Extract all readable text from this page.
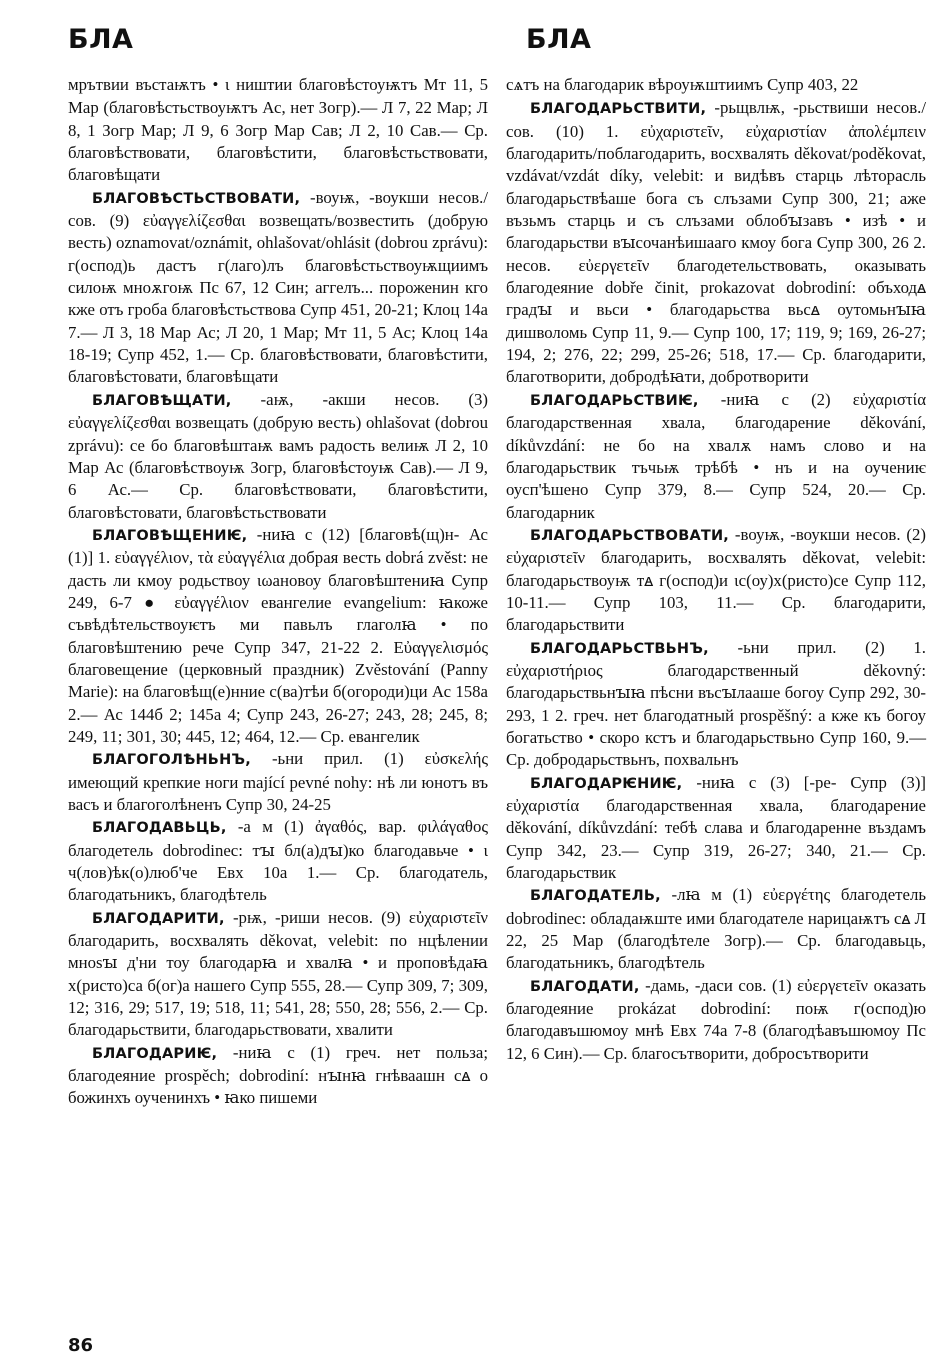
БЛА	БЛА

мрътвии въстаѭтъ • ι ништии благовѣстоуѭтъ Мт 11, 5 Мар (благовѣстьствоуѭтъ Ас, нет Зогр).— Л 7, 22 Мар; Л 8, 1 Зогр Мар; Л 9, 6 Зогр Мар Сав; Л 2, 10 Сав.— Ср. благовѣствовати, благовѣстити, благовѣстьствовати, благовѣщати

БЛАГОВѢСТЬСТВОВАТИ, -воуѭ, -воукши несов./сов. (9) εὐαγγελίζεσθαι возвещать/возвестить (добрую весть) oznamovat/oznámit, ohlašovat/ohlásit (dobrou zprávu): г(оспод)ь дастъ г(лаго)лъ благовѣстьствоуѭщиимъ силоѭ мноѫгоѭ Пс 67, 12 Син; аггелъ... пороженин кго кже отъ гроба благовѣстьствова Супр 451, 20-21; Клоц 14а 7.— Л 3, 18 Мар Ас; Л 20, 1 Мар; Мт 11, 5 Ас; Клоц 14а 18-19; Супр 452, 1.— Ср. благовѣствовати, благовѣстити, благовѣстовати, благовѣщати

БЛАГОВѢЩАТИ, -аѭ, -акши несов. (3) εὐαγγελίζεσθαι возвещать (добрую весть) ohlašovat (dobrou zprávu): се бо благовѣштаѭ вамъ радость велиѭ Л 2, 10 Мар Ас (благовѣствоуѭ Зогр, благовѣстоуѭ Сав).— Л 9, 6 Ас.— Ср. благовѣствовати, благовѣстити, благовѣстовати, благовѣстьствовати

БЛАГОВѢЩЕНИѤ, -ниꙗ с (12) [благовѣ(щ)н- Ас (1)] 1. εὐαγγέλιον, τὰ εὐαγγέλια добрая весть dobrá zvěst: не дасть ли кмоу родьствоу ιωановоу благовѣштениꙗ Супр 249, 6-7 ● εὐαγγέλιον евангелие evangelium: ꙗкоже съвѣдѣтельствоуѥтъ ми павьлъ глаголꙗ • по благовѣштению рече Супр 347, 21-22 2. Εὐαγγελισμός благовещение (церковный праздник) Zvěstování (Panny Marie): на благовѣщ(е)нние с(ва)тѣи б(огороди)ци Ас 158а 2.— Ас 144б 2; 145а 4; Супр 243, 26-27; 243, 28; 245, 8; 249, 11; 301, 30; 445, 12; 464, 12.— Ср. евангелик

БЛАГОГОЛѢНЬНЪ, -ьни прил. (1) εὐσκελής имеющий крепкие ноги mající pevné nohy: нѣ ли юнотъ въ васъ и благоголѣненъ Супр 30, 24-25

БЛАГОДАВЬЦЬ, -а м (1) ἀγαθός, вар. φιλάγαθος благодетель dobrodinec: тꙑ бл(а)дꙑ)ко благодавьче • ι ч(лов)ѣк(о)люб'че Евх 10а 1.— Ср. благодатель, благодатьникъ, благодѣтель

БЛАГОДАРИТИ, -рѭ, -риши несов. (9) εὐχαριστεῖν благодарить, восхвалять děkovat, velebit: по нцѣлении мноѕꙑ д'ни тоу благодарꙗ и хвалꙗ • и проповѣдаꙗ х(ристо)са б(ог)а нашего Супр 555, 28.— Супр 309, 7; 309, 12; 316, 29; 517, 19; 518, 11; 541, 28; 550, 28; 556, 2.— Ср. благодарьствити, благодарьствовати, хвалити

БЛАГОДАРИѤ, -ниꙗ с (1) греч. нет польза; благодеяние prospěch; dobrodiní: нꙑнꙗ гнѣваашн сꙙ о божинхъ оученинхъ • ꙗко пишеми

сѧтъ на благодарик вѣроуѭштиимъ Супр 403, 22

БЛАГОДАРЬСТВИТИ, -рьщвлѭ, -рьствиши несов./сов. (10) 1. εὐχαριστεῖν, εὐχαριστίαν ἀπολέμπειν благодарить/поблагодарить, восхвалять děkovat/poděkovat, vzdávat/vzdát díky, velebit: и видѣвъ старць лѣторасль благодарьствѣаше бога съ слъзами Супр 300, 21; аже възьмъ старць и съ слъзами облобꙑзавъ • изѣ • и благодарьстви вꙑсочанѣишааго кмоу бога Супр 300, 26 2. несов. εὐεργετεῖν благодетельствовать, оказывать благодеяние dobře činit, prokazovat dobrodiní: объходꙙ градꙑ и вьси • благодарьства вьсꙙ оутомьнꙑꙗ дишволомь Супр 11, 9.— Супр 100, 17; 119, 9; 169, 26-27; 194, 2; 276, 22; 299, 25-26; 518, 17.— Ср. благодарити, благотворити, добродѣꙗти, добротворити

БЛАГОДАРЬСТВИѤ, -ниꙗ с (2) εὐχαριστία благодарственная хвала, благодарение děkování, díkůvzdání: не бо на хвалѫ намъ слово и на благодарьствик тъчьѭ трѣбѣ • нъ и на оучениѥ оусп'ѣшено Супр 379, 8.— Супр 524, 20.— Ср. благодарник

БЛАГОДАРЬСТВОВАТИ, -воуѭ, -воукши несов. (2) εὐχαριστεῖν благодарить, восхвалять děkovat, velebit: благодарьствоуѭ тꙙ г(оспод)и ιс(оу)х(ристо)се Супр 112, 10-11.— Супр 103, 11.— Ср. благодарити, благодарьствити

БЛАГОДАРЬСТВЬНЪ, -ьни прил. (2) 1. εὐχαριστήριος благодарственный děkovný: благодарьствьнꙑꙗ пѣсни въсꙑлааше богоу Супр 292, 30-293, 1 2. греч. нет благодатный prospěšný: а кже къ богоу богатьство • скоро кстъ и благодарьствьно Супр 160, 9.— Ср. добродарьствьнъ, похвальнъ

БЛАГОДАРѤНИѤ, -ниꙗ с (3) [-ре- Супр (3)] εὐχαριστία благодарственная хвала, благодарение děkování, díkůvzdání: тебѣ слава и благодаренне въздамъ Супр 342, 23.— Супр 319, 26-27; 340, 21.— Ср. благодарьствик

БЛАГОДАТЕЛЬ, -лꙗ м (1) εὐεργέτης благодетель dobrodinec: обладаѭште ими благодателе нарицаѭтъ сꙙ Л 22, 25 Мар (благодѣтеле Зогр).— Ср. благодавьць, благодатьникъ, благодѣтель

БЛАГОДАТИ, -дамь, -даси сов. (1) εὐεργετεῖν оказать благодеяние prokázat dobrodiní: поѭ г(оспод)ю благодавъшюмоу мнѣ Евх 74а 7-8 (благодѣавъшюмоу Пс 12, 6 Син).— Ср. благосътворити, добросътворити

86
